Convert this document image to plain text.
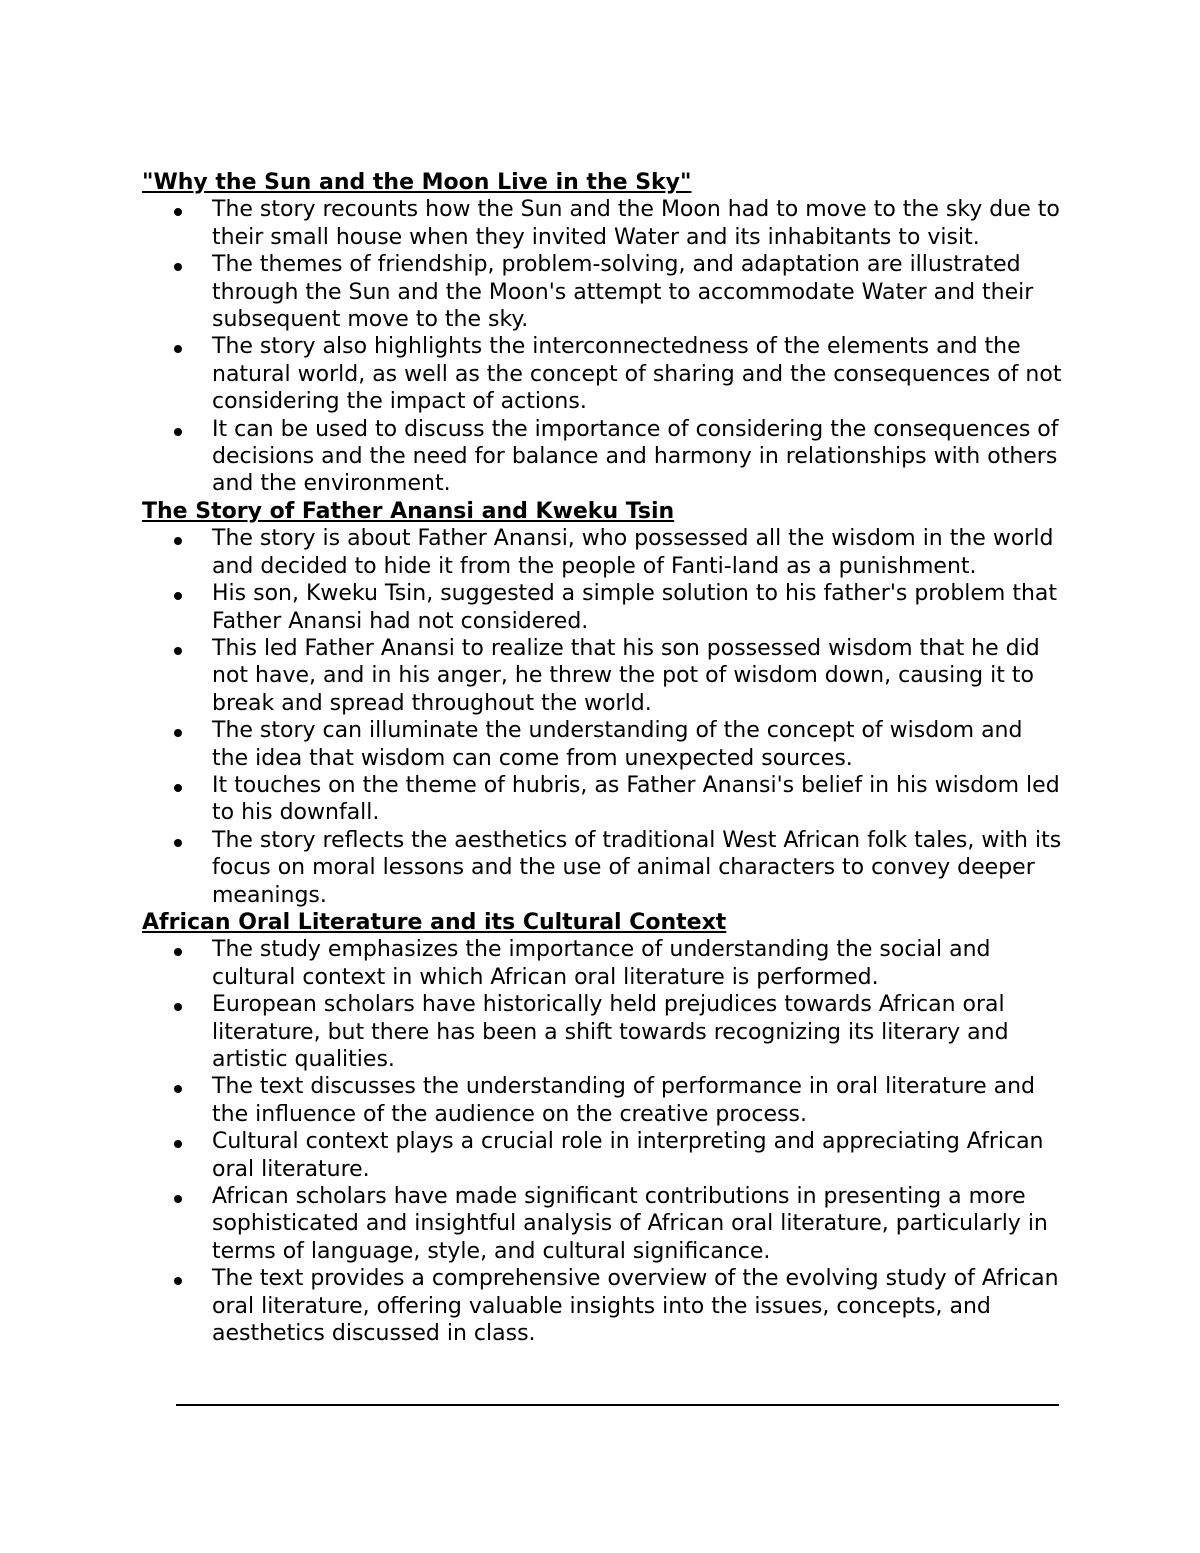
"Why the Sun and the Moon Live in the Sky"

The story recounts how the Sun and the Moon had to move to the sky due to their small house when they invited Water and its inhabitants to visit.
The themes of friendship, problem-solving, and adaptation are illustrated through the Sun and the Moon's attempt to accommodate Water and their subsequent move to the sky.
The story also highlights the interconnectedness of the elements and the natural world, as well as the concept of sharing and the consequences of not considering the impact of actions.
It can be used to discuss the importance of considering the consequences of decisions and the need for balance and harmony in relationships with others and the environment.

The Story of Father Anansi and Kweku Tsin

The story is about Father Anansi, who possessed all the wisdom in the world and decided to hide it from the people of Fanti-land as a punishment.
His son, Kweku Tsin, suggested a simple solution to his father's problem that Father Anansi had not considered.
This led Father Anansi to realize that his son possessed wisdom that he did not have, and in his anger, he threw the pot of wisdom down, causing it to break and spread throughout the world.
The story can illuminate the understanding of the concept of wisdom and the idea that wisdom can come from unexpected sources.
It touches on the theme of hubris, as Father Anansi's belief in his wisdom led to his downfall.
The story reflects the aesthetics of traditional West African folk tales, with its focus on moral lessons and the use of animal characters to convey deeper meanings.

African Oral Literature and its Cultural Context

The study emphasizes the importance of understanding the social and cultural context in which African oral literature is performed.
European scholars have historically held prejudices towards African oral literature, but there has been a shift towards recognizing its literary and artistic qualities.
The text discusses the understanding of performance in oral literature and the influence of the audience on the creative process.
Cultural context plays a crucial role in interpreting and appreciating African oral literature.
African scholars have made significant contributions in presenting a more sophisticated and insightful analysis of African oral literature, particularly in terms of language, style, and cultural significance.
The text provides a comprehensive overview of the evolving study of African oral literature, offering valuable insights into the issues, concepts, and aesthetics discussed in class.
